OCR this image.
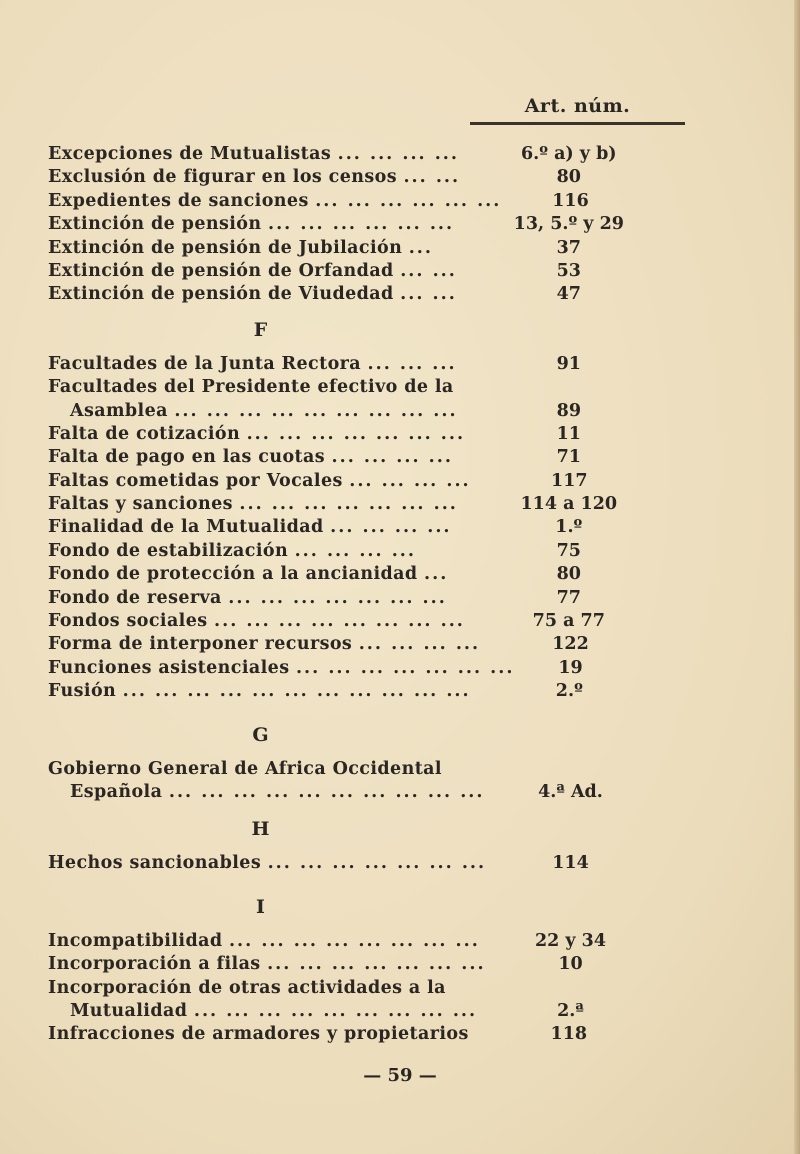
Art. núm.
Excepciones de Mutualistas ... ... ... ...	6.º a) y b)
Exclusión de figurar en los censos ... ...	80
Expedientes de sanciones ... ... ... ... ... ...	116
Extinción de pensión ... ... ... ... ... ...	13, 5.º y 29
Extinción de pensión de Jubilación ...	37
Extinción de pensión de Orfandad ... ...	53
Extinción de pensión de Viudedad ... ...	47
F
Facultades de la Junta Rectora ... ... ...	91
Facultades del Presidente efectivo de la
Asamblea ... ... ... ... ... ... ... ... ...	89
Falta de cotización ... ... ... ... ... ... ...	11
Falta de pago en las cuotas ... ... ... ...	71
Faltas cometidas por Vocales ... ... ... ...	117
Faltas y sanciones ... ... ... ... ... ... ...	114 a 120
Finalidad de la Mutualidad ... ... ... ...	1.º
Fondo de estabilización ... ... ... ...	75
Fondo de protección a la ancianidad ...	80
Fondo de reserva ... ... ... ... ... ... ...	77
Fondos sociales ... ... ... ... ... ... ... ...	75 a 77
Forma de interponer recursos ... ... ... ...	122
Funciones asistenciales ... ... ... ... ... ... ...	19
Fusión ... ... ... ... ... ... ... ... ... ... ...	2.º
G
Gobierno General de Africa Occidental
Española ... ... ... ... ... ... ... ... ... ...	4.ª Ad.
H
Hechos sancionables ... ... ... ... ... ... ...	114
I
Incompatibilidad ... ... ... ... ... ... ... ...	22 y 34
Incorporación a filas ... ... ... ... ... ... ...	10
Incorporación de otras actividades a la
Mutualidad ... ... ... ... ... ... ... ... ...	2.ª
Infracciones de armadores y propietarios	118
— 59 —
